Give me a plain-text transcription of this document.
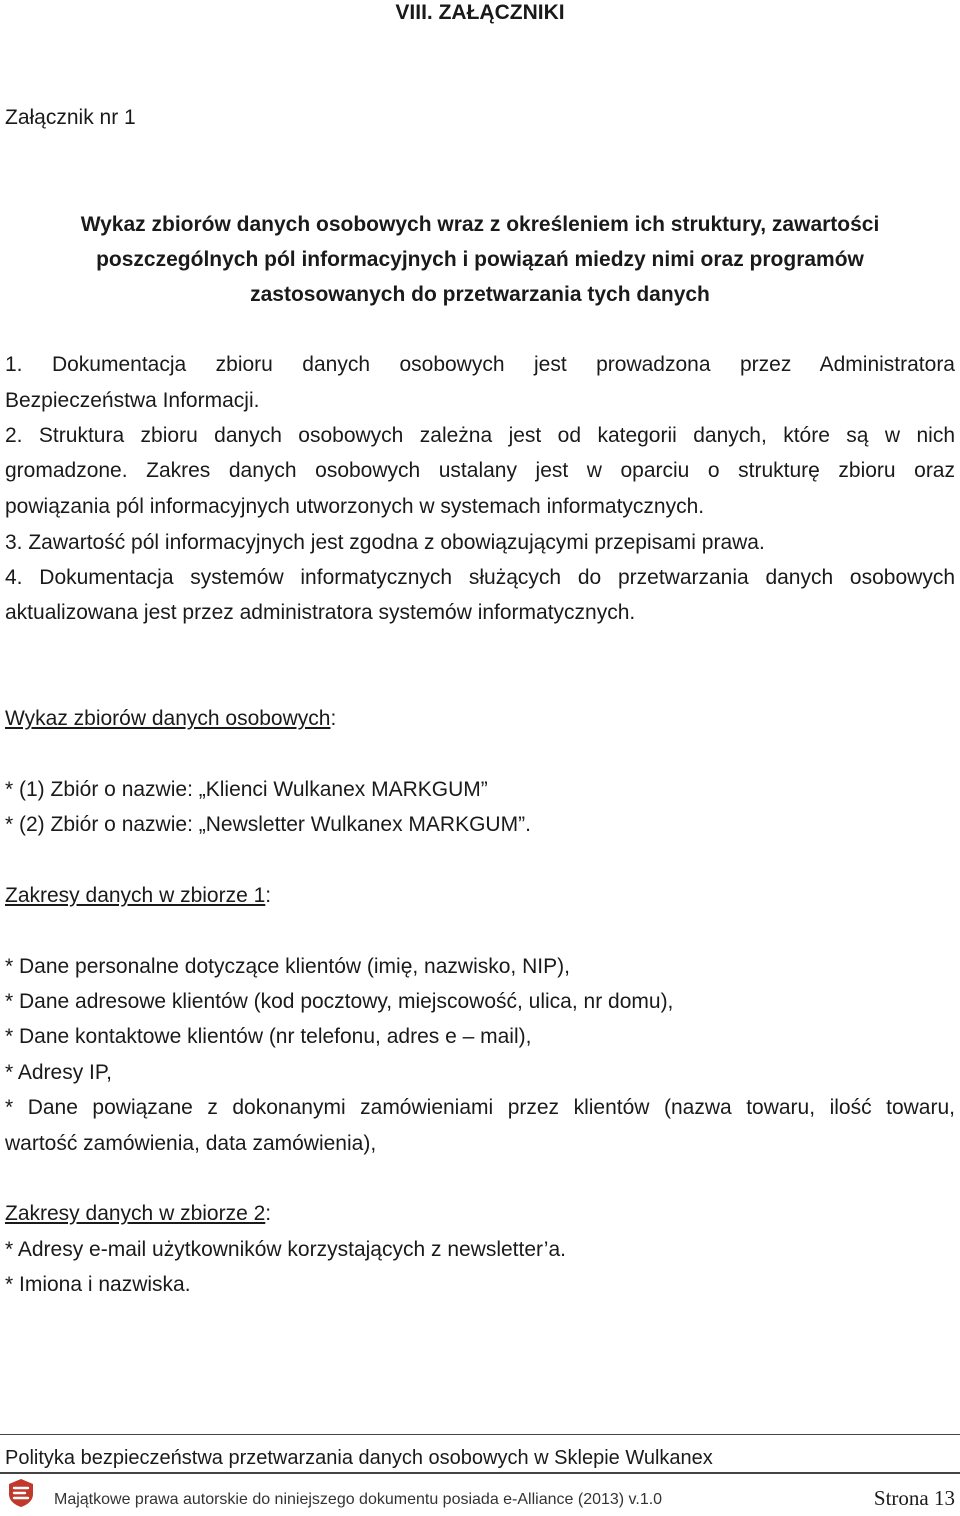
VIII. ZAŁĄCZNIKI
Załącznik nr 1
Wykaz zbiorów danych osobowych wraz z określeniem ich struktury, zawartości
poszczególnych pól informacyjnych i powiązań miedzy nimi oraz programów
zastosowanych do przetwarzania tych danych
1. Dokumentacja zbioru danych osobowych jest prowadzona przez Administratora
Bezpieczeństwa Informacji.
2. Struktura zbioru danych osobowych zależna jest od kategorii danych, które są w nich
gromadzone. Zakres danych osobowych ustalany jest w oparciu o strukturę zbioru oraz
powiązania pól informacyjnych utworzonych w systemach informatycznych.
3. Zawartość pól informacyjnych jest zgodna z obowiązującymi przepisami prawa.
4. Dokumentacja systemów informatycznych służących do przetwarzania danych osobowych
aktualizowana jest przez administratora systemów informatycznych.
Wykaz zbiorów danych osobowych:
* (1) Zbiór o nazwie: „Klienci Wulkanex MARKGUM”
* (2) Zbiór o nazwie: „Newsletter Wulkanex MARKGUM”.
Zakresy danych w zbiorze 1:
* Dane personalne dotyczące klientów (imię, nazwisko, NIP),
* Dane adresowe klientów (kod pocztowy, miejscowość, ulica, nr domu),
* Dane kontaktowe klientów (nr telefonu, adres e – mail),
* Adresy IP,
* Dane powiązane z dokonanymi zamówieniami przez klientów (nazwa towaru, ilość towaru,
wartość zamówienia, data zamówienia),
Zakresy danych w zbiorze 2:
* Adresy e-mail użytkowników korzystających z newsletter’a.
* Imiona i nazwiska.
Polityka bezpieczeństwa przetwarzania danych osobowych w Sklepie Wulkanex
Majątkowe prawa autorskie do niniejszego dokumentu posiada e-Alliance (2013) v.1.0	Strona 13
